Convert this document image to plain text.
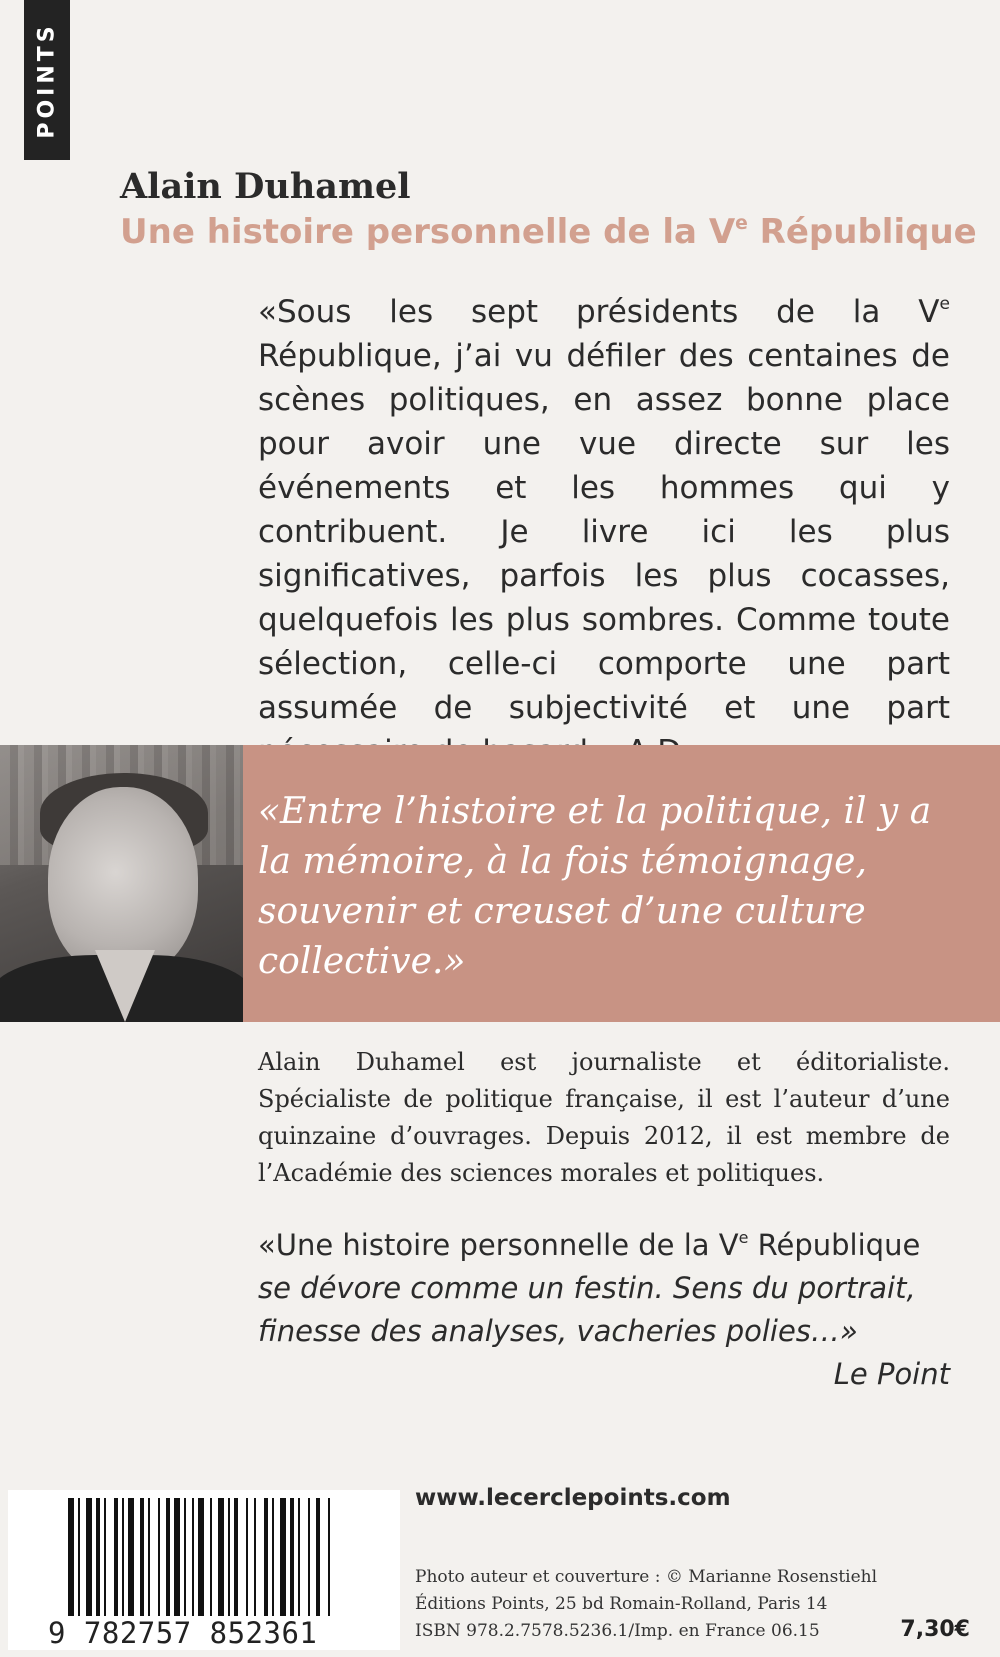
POINTS
Alain Duhamel
Une histoire personnelle de la Ve République
«Sous les sept présidents de la Ve République, j’ai vu défiler des centaines de scènes politiques, en assez bonne place pour avoir une vue directe sur les événements et les hommes qui y contribuent. Je livre ici les plus significatives, parfois les plus cocasses, quelquefois les plus sombres. Comme toute sélection, celle-ci comporte une part assumée de subjectivité et une part
«Entre l’histoire et la politique, il y a la mémoire, à la fois témoignage, souvenir et creuset d’une culture collective.»
Alain Duhamel est journaliste et éditorialiste. Spécialiste de politique française, il est l’auteur d’une quinzaine d’ouvrages. Depuis 2012, il est membre de l’Académie des sciences morales et politiques.
«Une histoire personnelle de la Ve République
se dévore comme un festin. Sens du portrait,
finesse des analyses, vacheries polies…»
Le Point
9 782757 852361
www.lecerclepoints.com
Photo auteur et couverture : © Marianne Rosenstiehl
Éditions Points, 25 bd Romain-Rolland, Paris 14
ISBN 978.2.7578.5236.1/Imp. en France 06.15	7,30€
